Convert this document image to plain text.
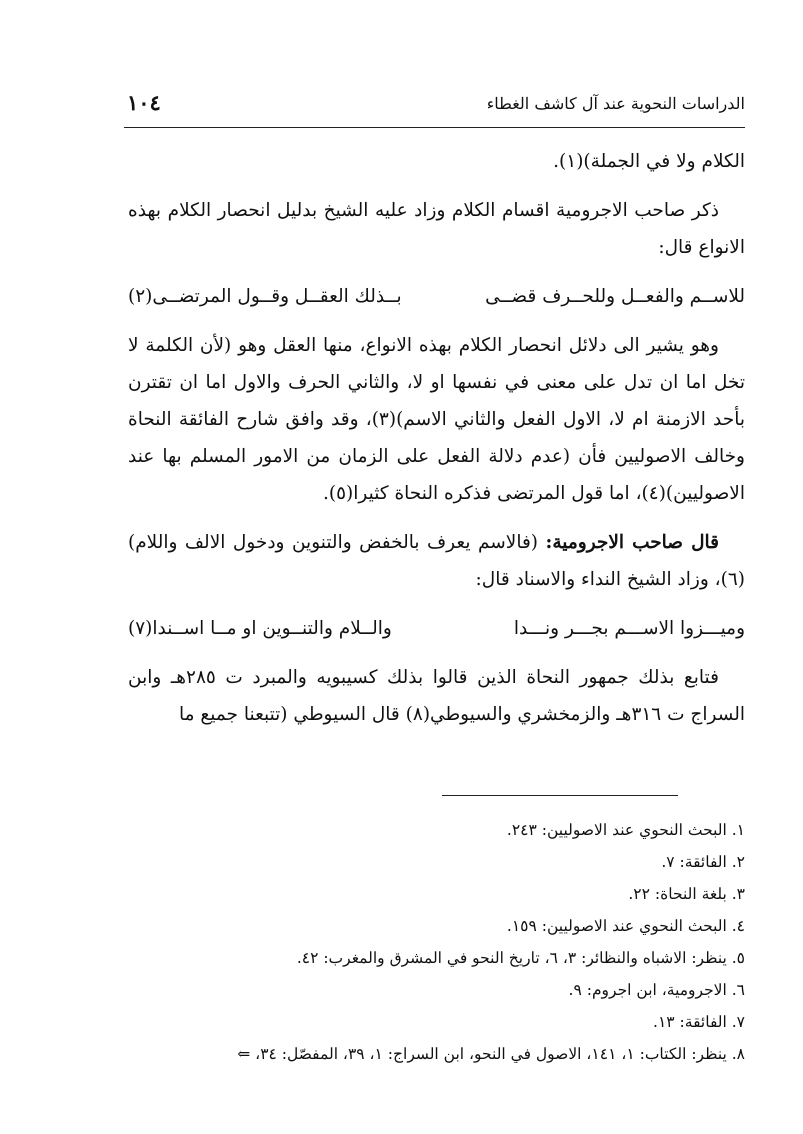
الدراسات النحوية عند آل كاشف الغطاء
١٠٤

الكلام ولا في الجملة)(١).

ذكر صاحب الاجرومية اقسام الكلام وزاد عليه الشيخ بدليل انحصار الكلام بهذه الانواع قال:

للاســم والفعــل وللحــرف قضــى
بــذلك العقــل وقــول المرتضــى(٢)

وهو يشير الى دلائل انحصار الكلام بهذه الانواع، منها العقل وهو (لأن الكلمة لا تخل اما ان تدل على معنى في نفسها او لا، والثاني الحرف والاول اما ان تقترن بأحد الازمنة ام لا، الاول الفعل والثاني الاسم)(٣)، وقد وافق شارح الفائقة النحاة وخالف الاصوليين فأن (عدم دلالة الفعل على الزمان من الامور المسلم بها عند الاصوليين)(٤)، اما قول المرتضى فذكره النحاة كثيرا(٥).

قال صاحب الاجرومية: (فالاسم يعرف بالخفض والتنوين ودخول الالف واللام)(٦)، وزاد الشيخ النداء والاسناد قال:

وميـــزوا الاســـم بجـــر ونـــدا
والــلام والتنــوين او مــا اســندا(٧)

فتابع بذلك جمهور النحاة الذين قالوا بذلك كسيبويه والمبرد ت ٢٨٥هـ وابن السراج ت ٣١٦هـ والزمخشري والسيوطي(٨) قال السيوطي (تتبعنا جميع ما

١. البحث النحوي عند الاصوليين: ٢٤٣.

٢. الفائقة: ٧.

٣. بلغة النحاة: ٢٢.

٤. البحث النحوي عند الاصوليين: ١٥٩.

٥. ينظر: الاشباه والنظائر: ٣، ٦، تاريخ النحو في المشرق والمغرب: ٤٢.

٦. الاجرومية، ابن اجروم: ٩.

٧. الفائقة: ١٣.

٨. ينظر: الكتاب: ١، ١٤١، الاصول في النحو، ابن السراج: ١، ٣٩، المفصّل: ٣٤، ⇐
